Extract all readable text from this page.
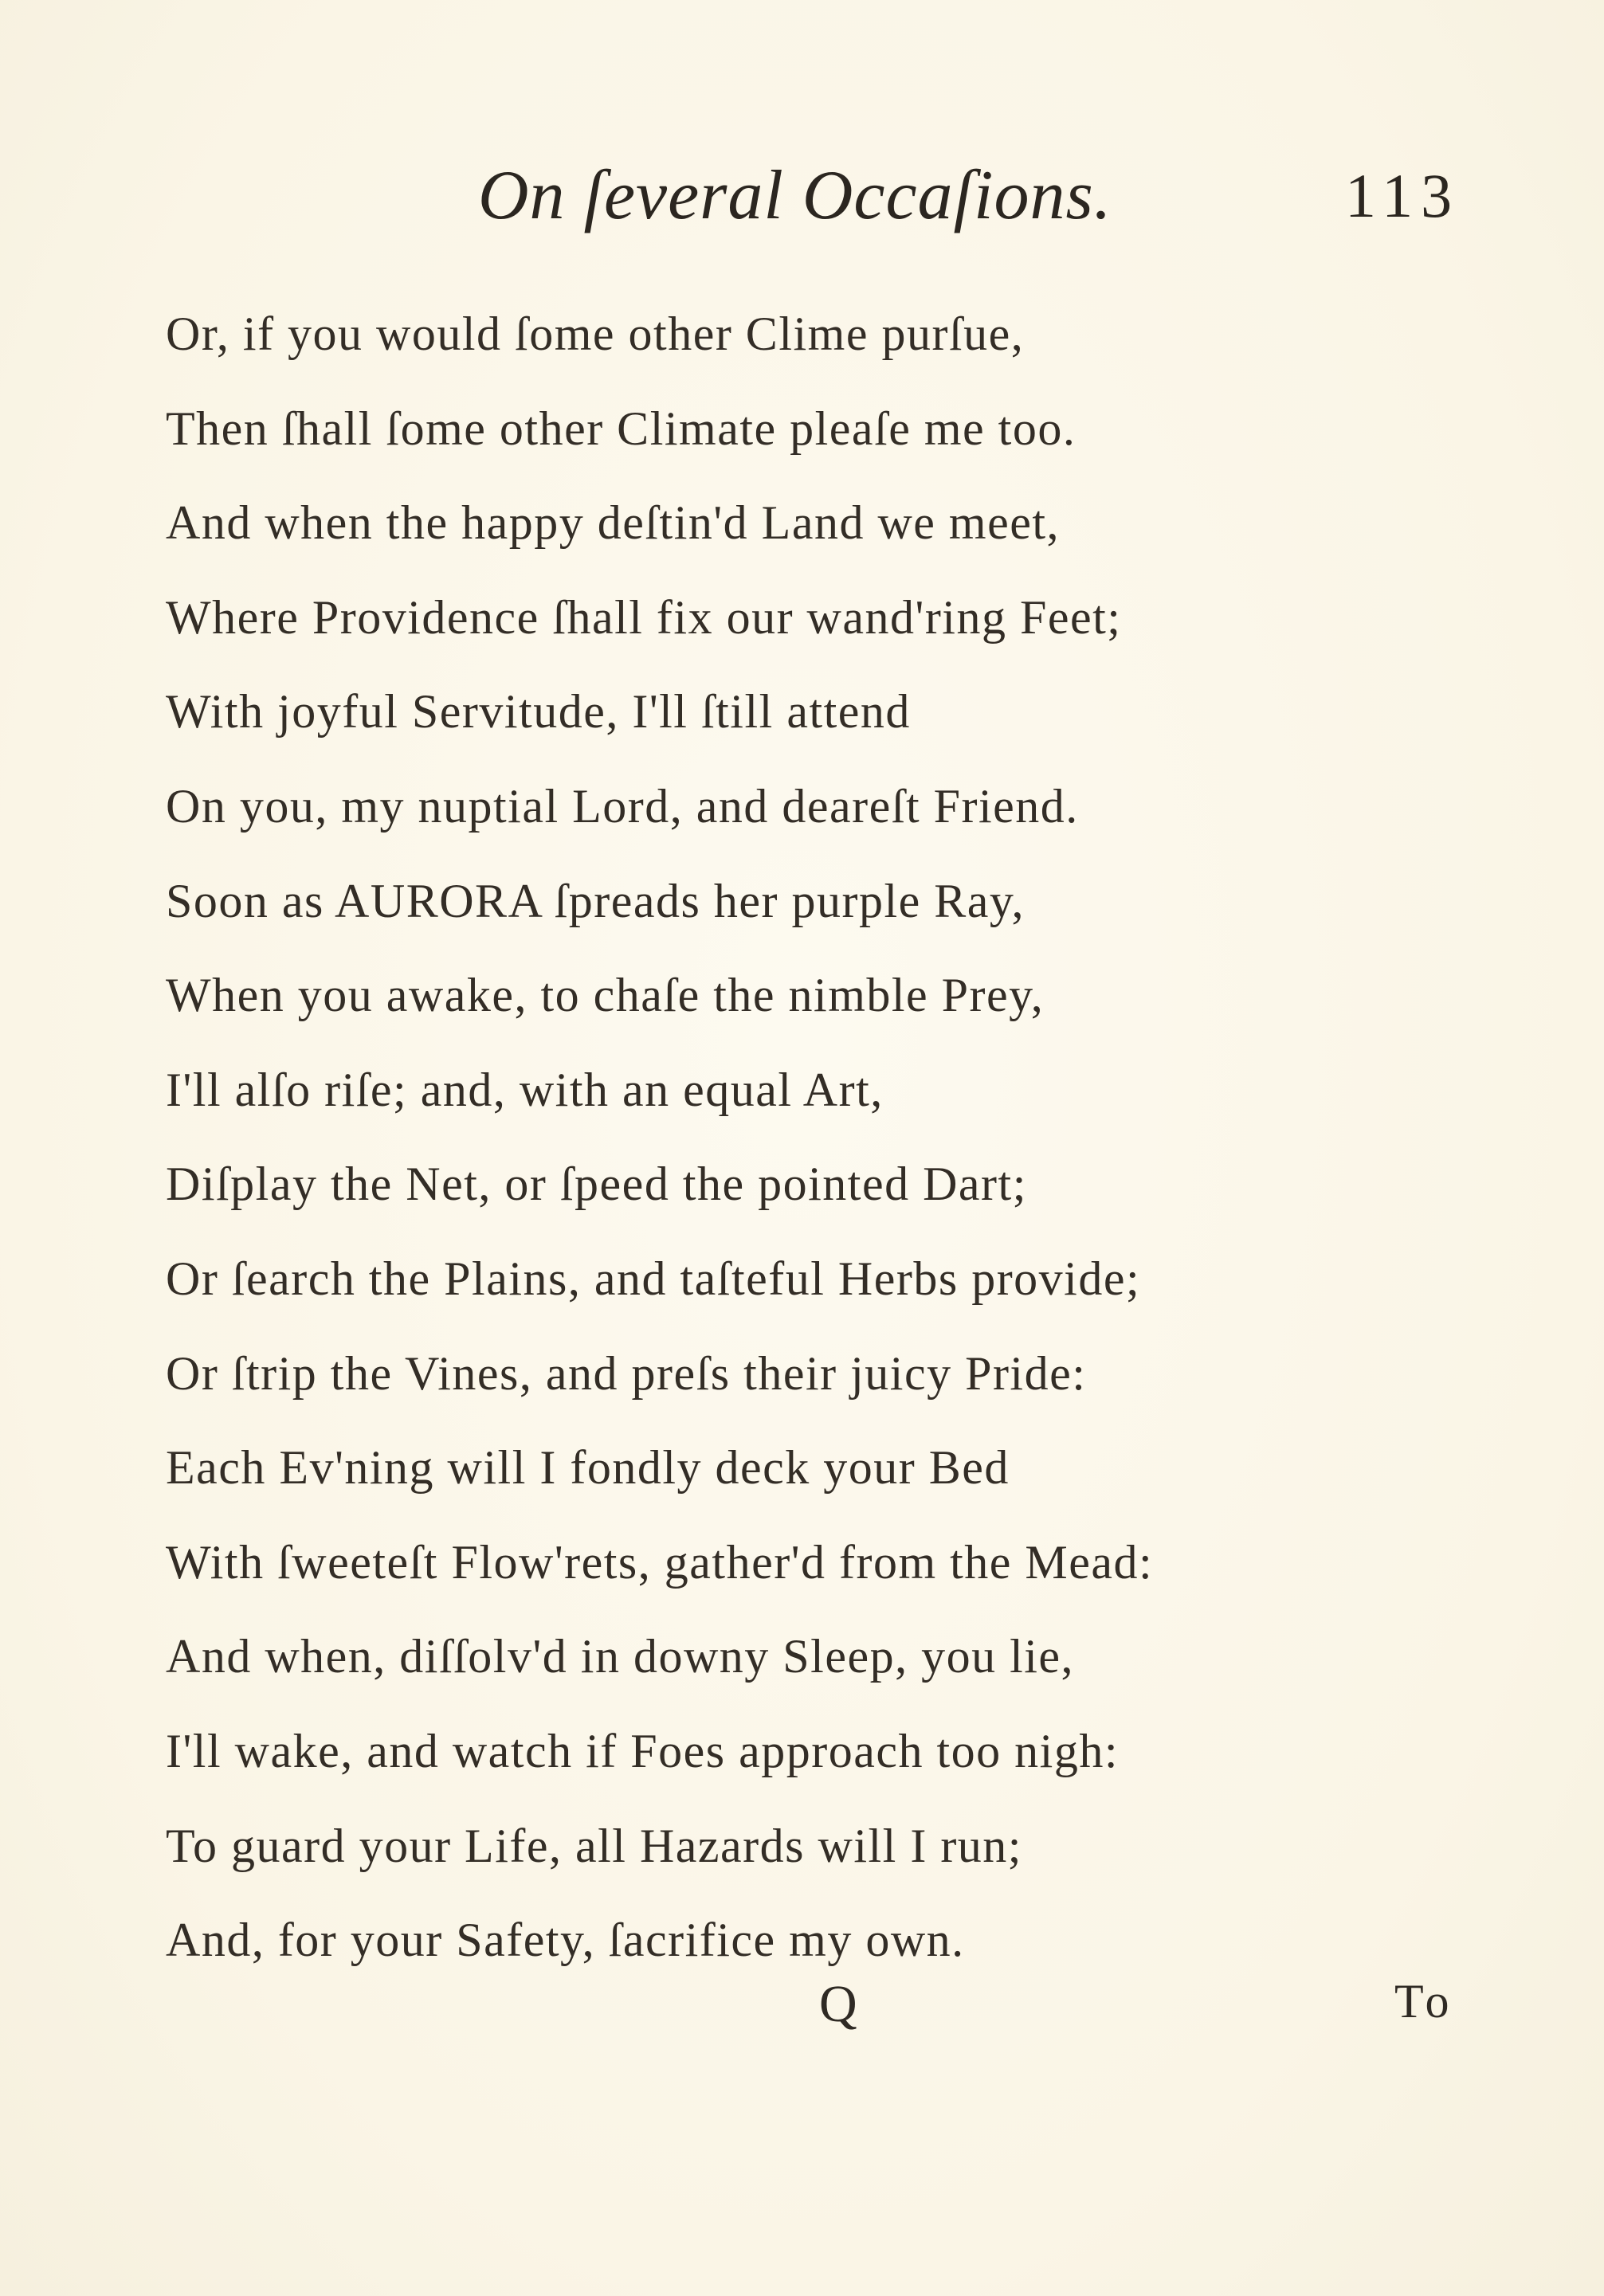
On ſeveral Occaſions.	113
Or, if you would ſome other Clime purſue,
Then ſhall ſome other Climate pleaſe me too.
And when the happy deſtin'd Land we meet,
Where Providence ſhall fix our wand'ring Feet;
With joyful Servitude, I'll ſtill attend
On you, my nuptial Lord, and deareſt Friend.
Soon as AURORA ſpreads her purple Ray,
When you awake, to chaſe the nimble Prey,
I'll alſo riſe; and, with an equal Art,
Diſplay the Net, or ſpeed the pointed Dart;
Or ſearch the Plains, and taſteful Herbs provide;
Or ſtrip the Vines, and preſs their juicy Pride:
Each Ev'ning will I fondly deck your Bed
With ſweeteſt Flow'rets, gather'd from the Mead:
And when, diſſolv'd in downy Sleep, you lie,
I'll wake, and watch if Foes approach too nigh:
To guard your Life, all Hazards will I run;
And, for your Safety, ſacrifice my own.
Q	To
